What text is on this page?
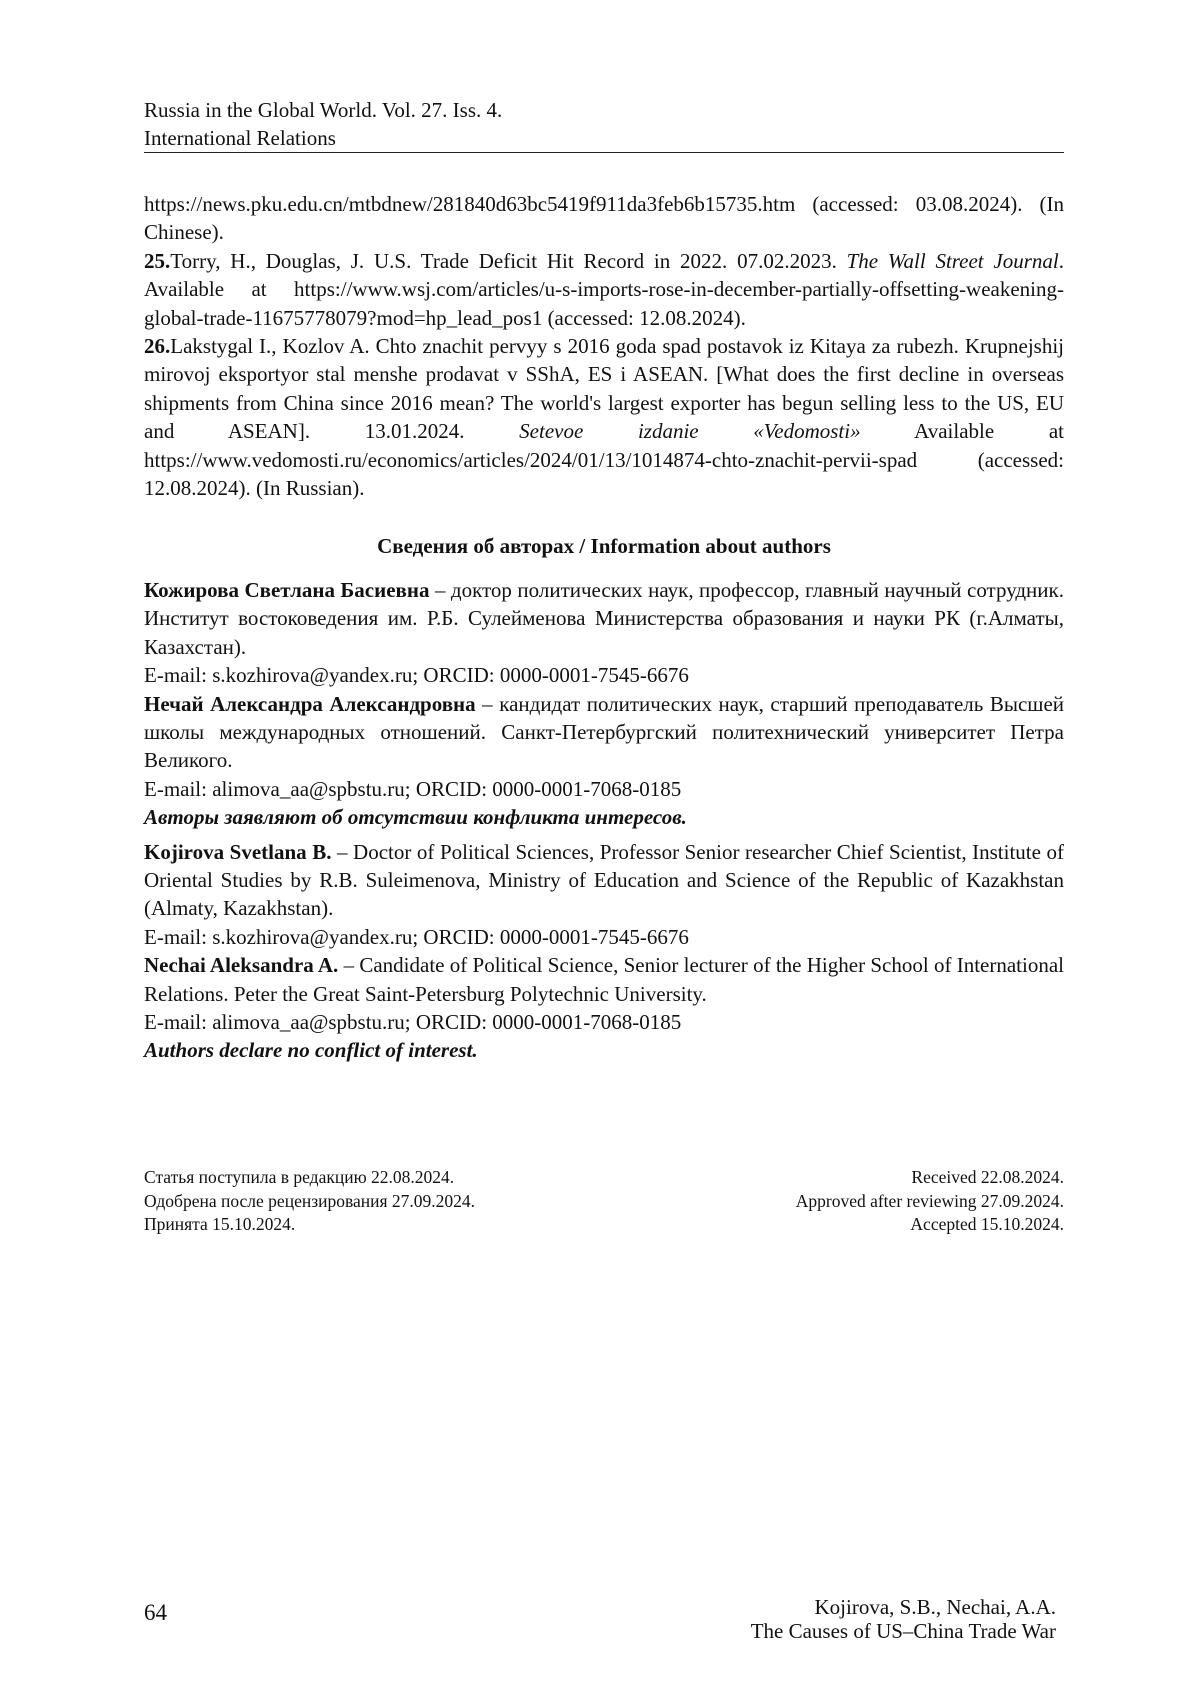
Russia in the Global World. Vol. 27. Iss. 4.
International Relations

https://news.pku.edu.cn/mtbdnew/281840d63bc5419f911da3feb6b15735.htm (accessed: 03.08.2024). (In Chinese).

25.Torry, H., Douglas, J. U.S. Trade Deficit Hit Record in 2022. 07.02.2023. The Wall Street Journal. Available at https://www.wsj.com/articles/u-s-imports-rose-in-december-partially-offsetting-weakening-global-trade-11675778079?mod=hp_lead_pos1 (accessed: 12.08.2024).

26.Lakstygal I., Kozlov A. Chto znachit pervyy s 2016 goda spad postavok iz Kitaya za rubezh. Krupnejshij mirovoj eksportyor stal menshe prodavat v SShA, ES i ASEAN. [What does the first decline in overseas shipments from China since 2016 mean? The world's largest exporter has begun selling less to the US, EU and ASEAN]. 13.01.2024.	Setevoe izdanie «Vedomosti» Available at https://www.vedomosti.ru/economics/articles/2024/01/13/1014874-chto-znachit-pervii-spad (accessed: 12.08.2024). (In Russian).

Сведения об авторах / Information about authors

Кожирова Светлана Басиевна – доктор политических наук, профессор, главный научный сотрудник. Институт востоковедения им. Р.Б. Сулейменова Министерства образования и науки РК (г.Алматы, Казахстан).

E-mail: s.kozhirova@yandex.ru; ORCID: 0000-0001-7545-6676

Нечай Александра Александровна – кандидат политических наук, старший преподаватель Высшей школы международных отношений. Санкт-Петербургский политехнический университет Петра Великого.

E-mail: alimova_aa@spbstu.ru; ORCID: 0000-0001-7068-0185

Авторы заявляют об отсутствии конфликта интересов.

Kojirova Svetlana B. – Doctor of Political Sciences, Professor Senior researcher Chief Scientist, Institute of Oriental Studies by R.B. Suleimenova, Ministry of Education and Science of the Republic of Kazakhstan (Almaty, Kazakhstan).

E-mail: s.kozhirova@yandex.ru; ORCID: 0000-0001-7545-6676

Nechai Aleksandra A. – Candidate of Political Science, Senior lecturer of the Higher School of International Relations. Peter the Great Saint-Petersburg Polytechnic University.

E-mail: alimova_aa@spbstu.ru; ORCID: 0000-0001-7068-0185

Authors declare no conflict of interest.

Статья поступила в редакцию 22.08.2024.
Одобрена после рецензирования 27.09.2024.
Принята 15.10.2024.
Received 22.08.2024.
Approved after reviewing 27.09.2024.
Accepted 15.10.2024.
64	Kojirova, S.B., Nechai, A.A.
The Causes of US–China Trade War
